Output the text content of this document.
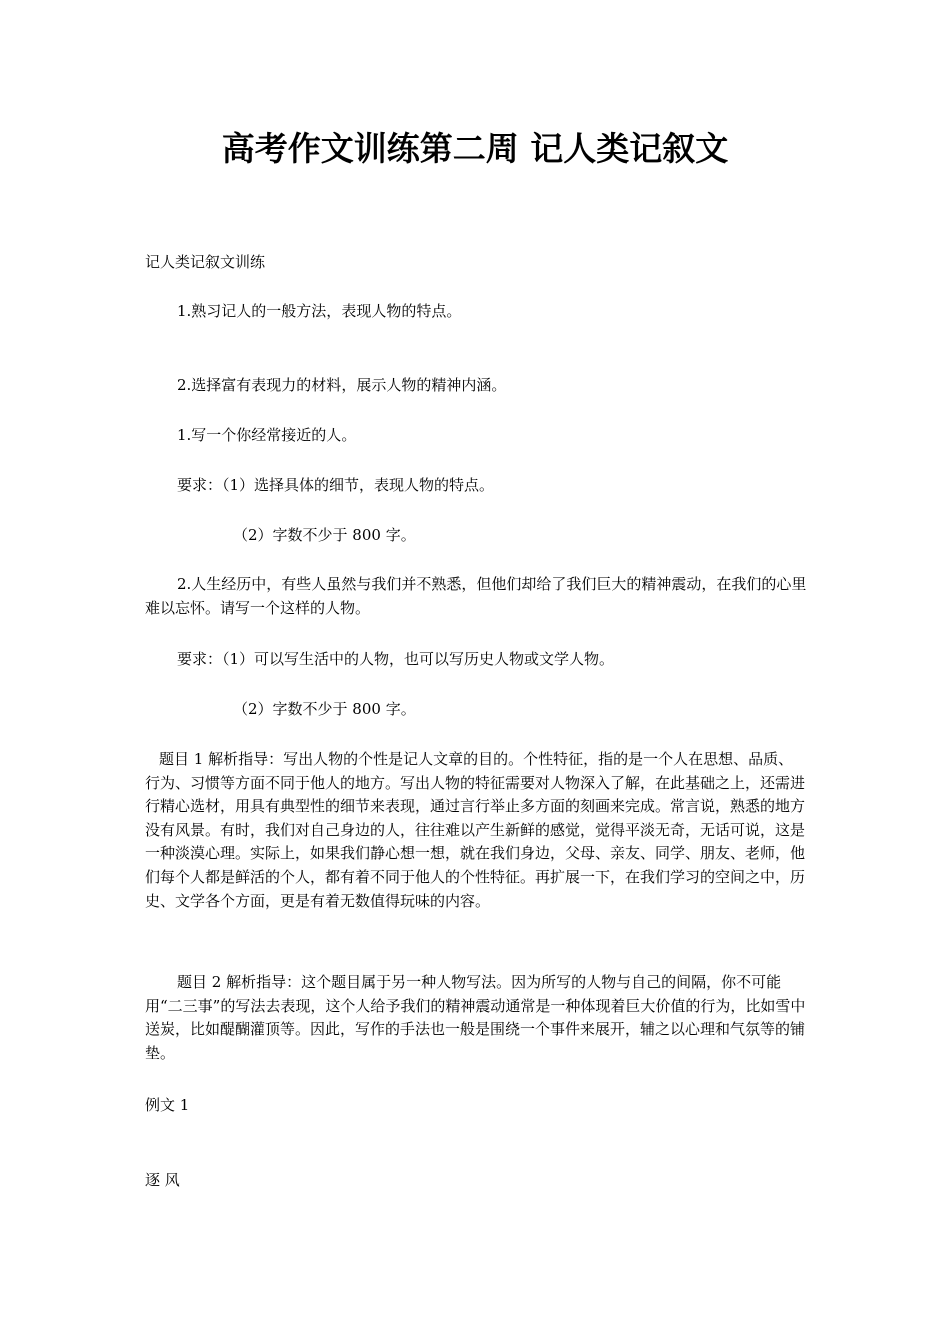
高考作文训练第二周 记人类记叙文

记人类记叙文训练

1.熟习记人的一般方法，表现人物的特点。

2.选择富有表现力的材料，展示人物的精神内涵。

1.写一个你经常接近的人。

要求：（1）选择具体的细节，表现人物的特点。

（2）字数不少于 800 字。

2.人生经历中，有些人虽然与我们并不熟悉，但他们却给了我们巨大的精神震动，在我们的心里难以忘怀。请写一个这样的人物。

要求：（1）可以写生活中的人物，也可以写历史人物或文学人物。

（2）字数不少于 800 字。

题目 1 解析指导：写出人物的个性是记人文章的目的。个性特征，指的是一个人在思想、品质、行为、习惯等方面不同于他人的地方。写出人物的特征需要对人物深入了解，在此基础之上，还需进行精心选材，用具有典型性的细节来表现，通过言行举止多方面的刻画来完成。常言说，熟悉的地方没有风景。有时，我们对自己身边的人，往往难以产生新鲜的感觉，觉得平淡无奇，无话可说，这是一种淡漠心理。实际上，如果我们静心想一想，就在我们身边，父母、亲友、同学、朋友、老师，他们每个人都是鲜活的个人，都有着不同于他人的个性特征。再扩展一下，在我们学习的空间之中，历史、文学各个方面，更是有着无数值得玩味的内容。

题目 2 解析指导：这个题目属于另一种人物写法。因为所写的人物与自己的间隔，你不可能用“二三事”的写法去表现，这个人给予我们的精神震动通常是一种体现着巨大价值的行为，比如雪中送炭，比如醍醐灌顶等。因此，写作的手法也一般是围绕一个事件来展开，辅之以心理和气氛等的铺垫。

例文 1

逐 风
